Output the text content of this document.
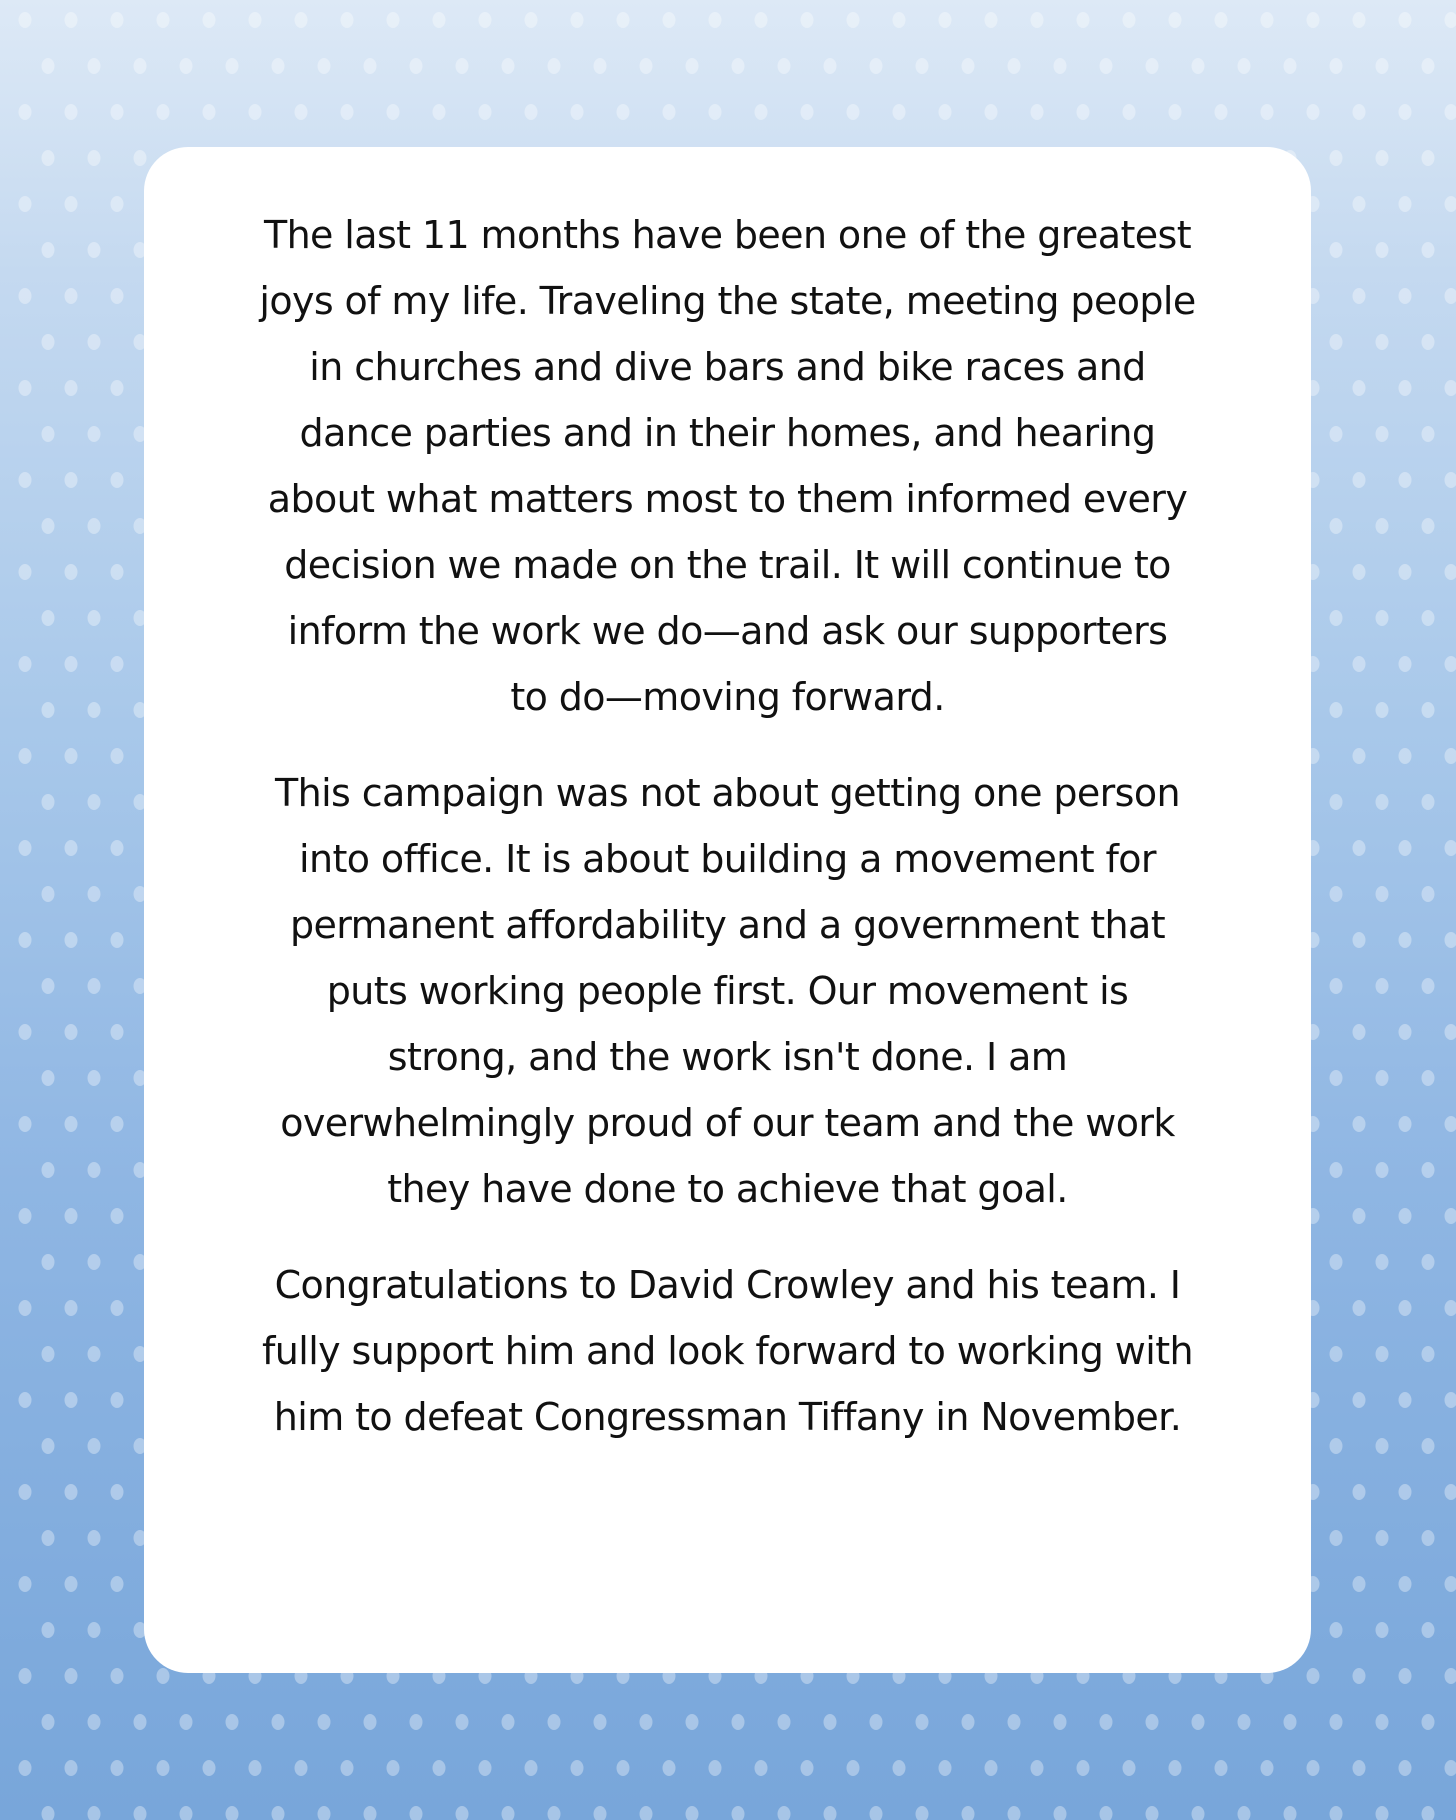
The last 11 months have been one of the greatest
joys of my life. Traveling the state, meeting people
in churches and dive bars and bike races and
dance parties and in their homes, and hearing
about what matters most to them informed every
decision we made on the trail. It will continue to
inform the work we do—and ask our supporters
to do—moving forward.

This campaign was not about getting one person
into office. It is about building a movement for
permanent affordability and a government that
puts working people first. Our movement is
strong, and the work isn't done. I am
overwhelmingly proud of our team and the work
they have done to achieve that goal.

Congratulations to David Crowley and his team. I
fully support him and look forward to working with
him to defeat Congressman Tiffany in November.
